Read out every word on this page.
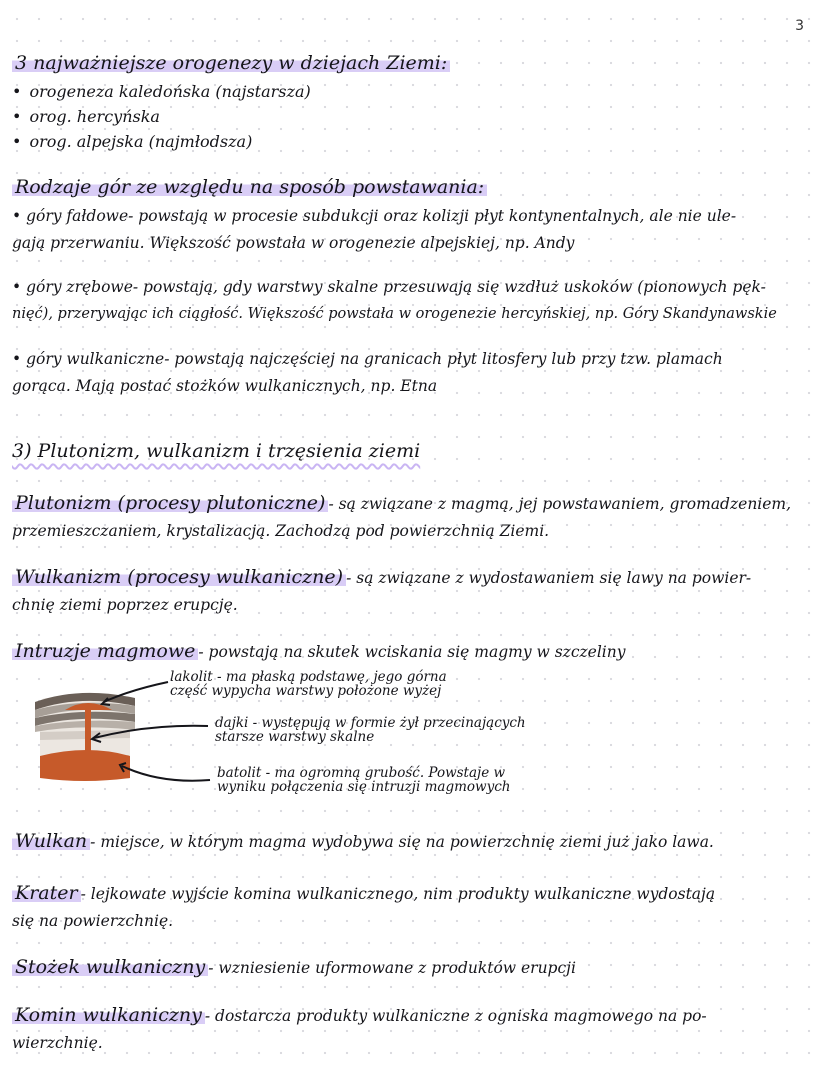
3
3 najważniejsze orogenezy w dziejach Ziemi:
• orogeneza kaledońska (najstarsza)
• orog. hercyńska
• orog. alpejska (najmłodsza)
Rodzaje gór ze względu na sposób powstawania:
• góry fałdowe- powstają w procesie subdukcji oraz kolizji płyt kontynentalnych, ale nie ule-
gają przerwaniu. Większość powstała w orogenezie alpejskiej, np. Andy
• góry zrębowe- powstają, gdy warstwy skalne przesuwają się wzdłuż uskoków (pionowych pęk-
nięć), przerywając ich ciągłość. Większość powstała w orogenezie hercyńskiej, np. Góry Skandynawskie
• góry wulkaniczne- powstają najczęściej na granicach płyt litosfery lub przy tzw. plamach
gorąca. Mają postać stożków wulkanicznych, np. Etna
3) Plutonizm, wulkanizm i trzęsienia ziemi
Plutonizm (procesy plutoniczne) - są związane z magmą, jej powstawaniem, gromadzeniem,
przemieszczaniem, krystalizacją. Zachodzą pod powierzchnią Ziemi.
Wulkanizm (procesy wulkaniczne) - są związane z wydostawaniem się lawy na powier-
chnię ziemi poprzez erupcję.
Intruzje magmowe - powstają na skutek wciskania się magmy w szczeliny
lakolit - ma płaską podstawę, jego górna
część wypycha warstwy położone wyżej
dajki - występują w formie żył przecinających
starsze warstwy skalne
batolit - ma ogromną grubość. Powstaje w
wyniku połączenia się intruzji magmowych
Wulkan - miejsce, w którym magma wydobywa się na powierzchnię ziemi już jako lawa.
Krater - lejkowate wyjście komina wulkanicznego, nim produkty wulkaniczne wydostają
się na powierzchnię.
Stożek wulkaniczny - wzniesienie uformowane z produktów erupcji
Komin wulkaniczny - dostarcza produkty wulkaniczne z ogniska magmowego na po-
wierzchnię.
